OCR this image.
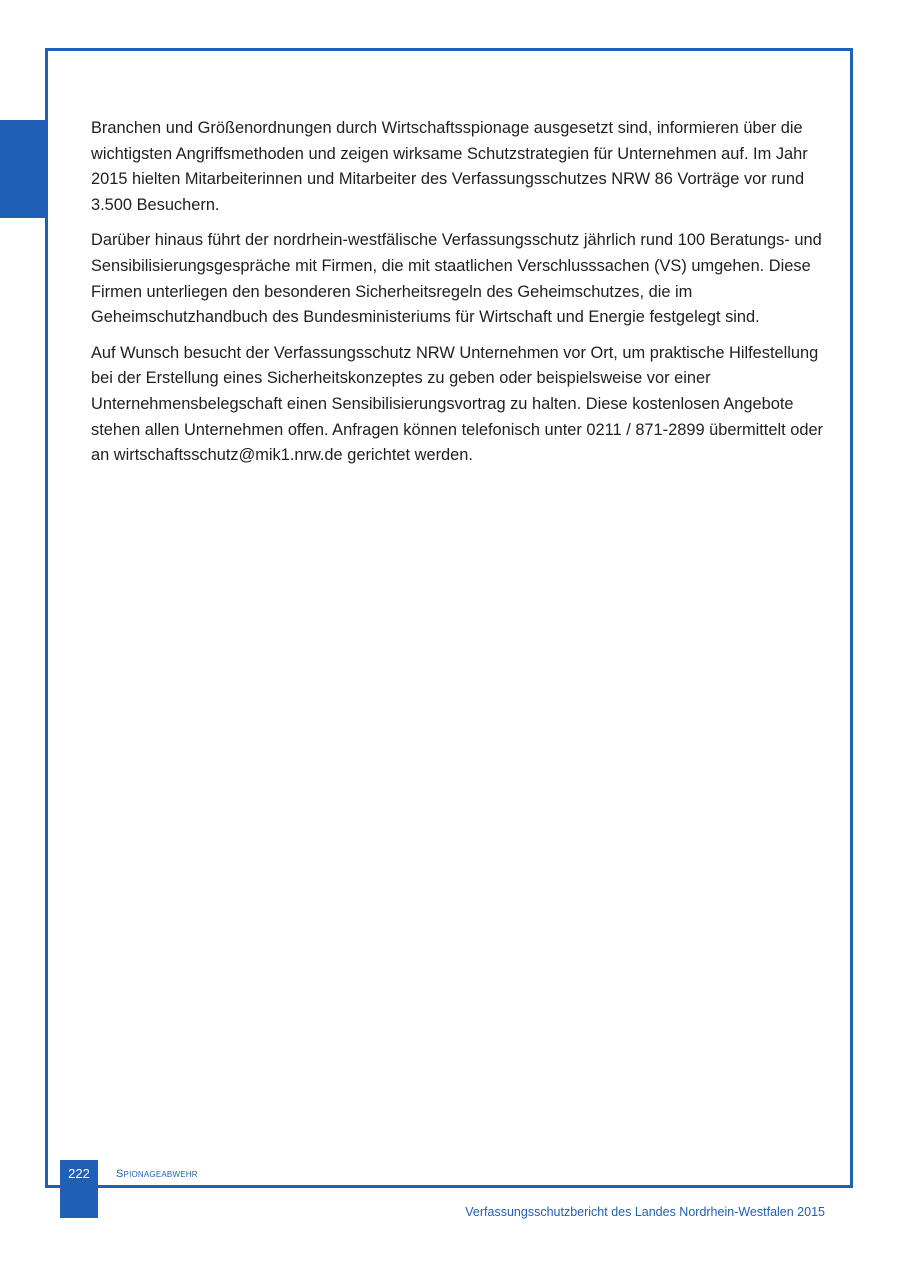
Branchen und Größenordnungen durch Wirtschaftsspionage ausgesetzt sind, informieren über die wichtigsten Angriffsmethoden und zeigen wirksame Schutzstrategien für Unternehmen auf. Im Jahr 2015 hielten Mitarbeiterinnen und Mitarbeiter des Verfassungsschutzes NRW 86 Vorträge vor rund 3.500 Besuchern.

Darüber hinaus führt der nordrhein-westfälische Verfassungsschutz jährlich rund 100 Beratungs- und Sensibilisierungsgespräche mit Firmen, die mit staatlichen Verschlusssachen (VS) umgehen. Diese Firmen unterliegen den besonderen Sicherheitsregeln des Geheimschutzes, die im Geheimschutzhandbuch des Bundesministeriums für Wirtschaft und Energie festgelegt sind.

Auf Wunsch besucht der Verfassungsschutz NRW Unternehmen vor Ort, um praktische Hilfestellung bei der Erstellung eines Sicherheitskonzeptes zu geben oder beispielsweise vor einer Unternehmensbelegschaft einen Sensibilisierungsvortrag zu halten. Diese kostenlosen Angebote stehen allen Unternehmen offen. Anfragen können telefonisch unter 0211 / 871-2899 übermittelt oder an wirtschaftsschutz@mik1.nrw.de gerichtet werden.

222	Spionageabwehr
Verfassungsschutzbericht des Landes Nordrhein-Westfalen 2015
